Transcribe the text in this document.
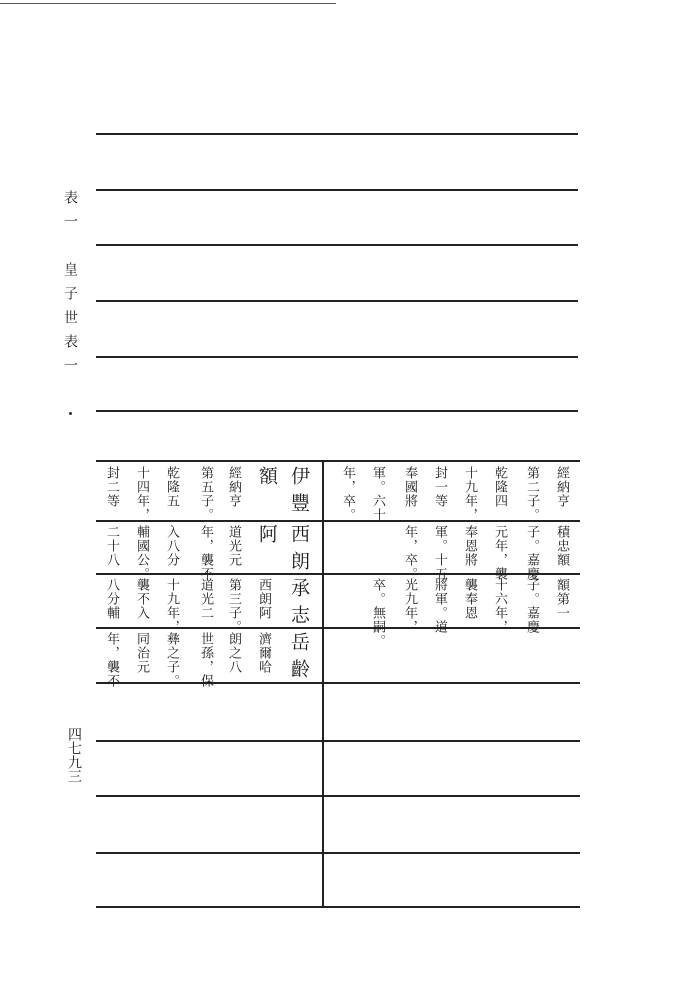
表一　皇子世表一
四七九三
伊豐
西朗
承志
岳齡
額
阿
經納亨
第五子。
乾隆五
十四年，
封二等
道光元
年，襲不
入八分
輔國公。
二十八
西朗阿
第三子。
道光二
十九年，
襲不入
八分輔
濟爾哈
朗之八
世孫，保
彝之子。
同治元
年，襲不
經納亨
第二子。
乾隆四
十九年，
封一等
奉國將
軍。六十
年，卒。
積忠額
子。嘉慶
元年，襲
奉恩將
軍。十五
年，卒。
額第一
子。嘉慶
十六年，
襲奉恩
將軍。道
光九年，
卒。無嗣。
